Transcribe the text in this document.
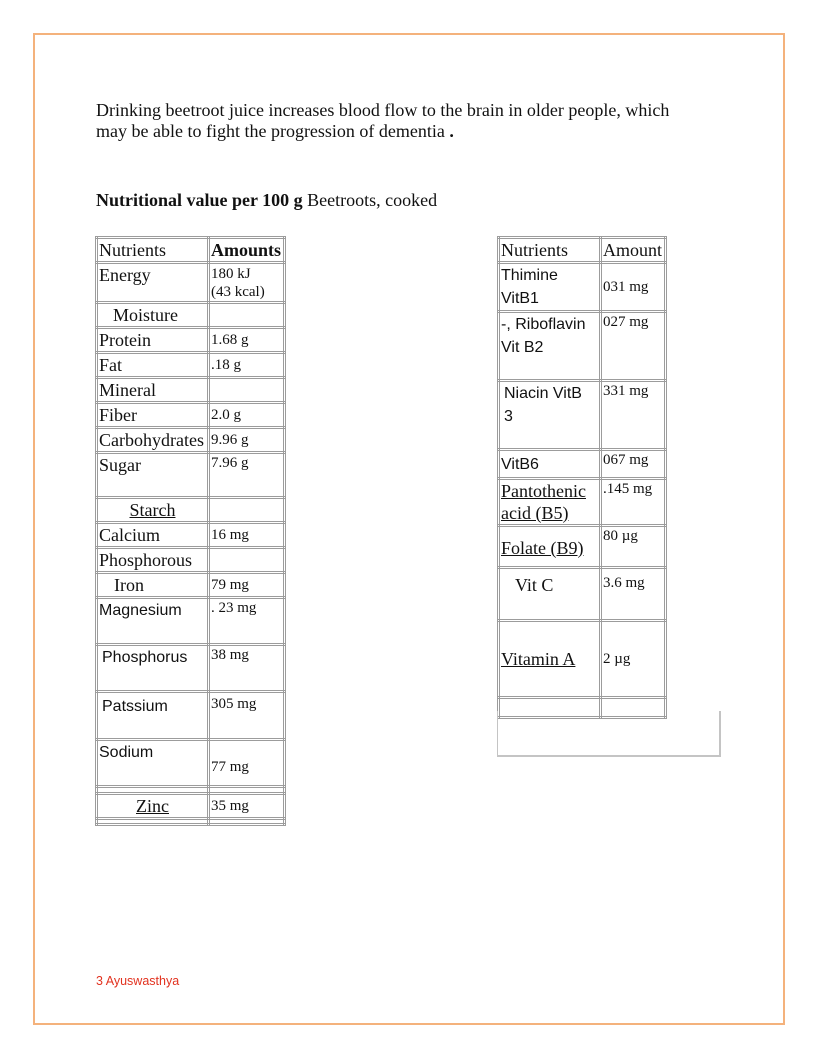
Drinking beetroot juice increases blood flow to the brain in older people, which
may be able to fight the progression of dementia .

Nutritional value per 100 g Beetroots, cooked
Nutrients	Amounts
Energy	180 kJ
(43 kcal)
Moisture	
Protein	1.68 g
Fat	.18 g
Mineral	
Fiber	2.0 g
Carbohydrates	9.96 g
Sugar	7.96 g
Starch	
Calcium	16 mg
Phosphorous	
Iron	79 mg
Magnesium	. 23 mg
Phosphorus	38 mg
Patssium	305 mg
Sodium	77 mg

Zinc	35 mg

Nutrients	Amount
Thimine
VitB1	031 mg
-, Riboflavin
Vit B2	027 mg
Niacin VitB
3	331 mg
VitB6	067 mg
Pantothenic
acid (B5)	.145 mg
Folate (B9)	80 µg
Vit C	3.6 mg
Vitamin A	2 µg

3 Ayuswasthya
